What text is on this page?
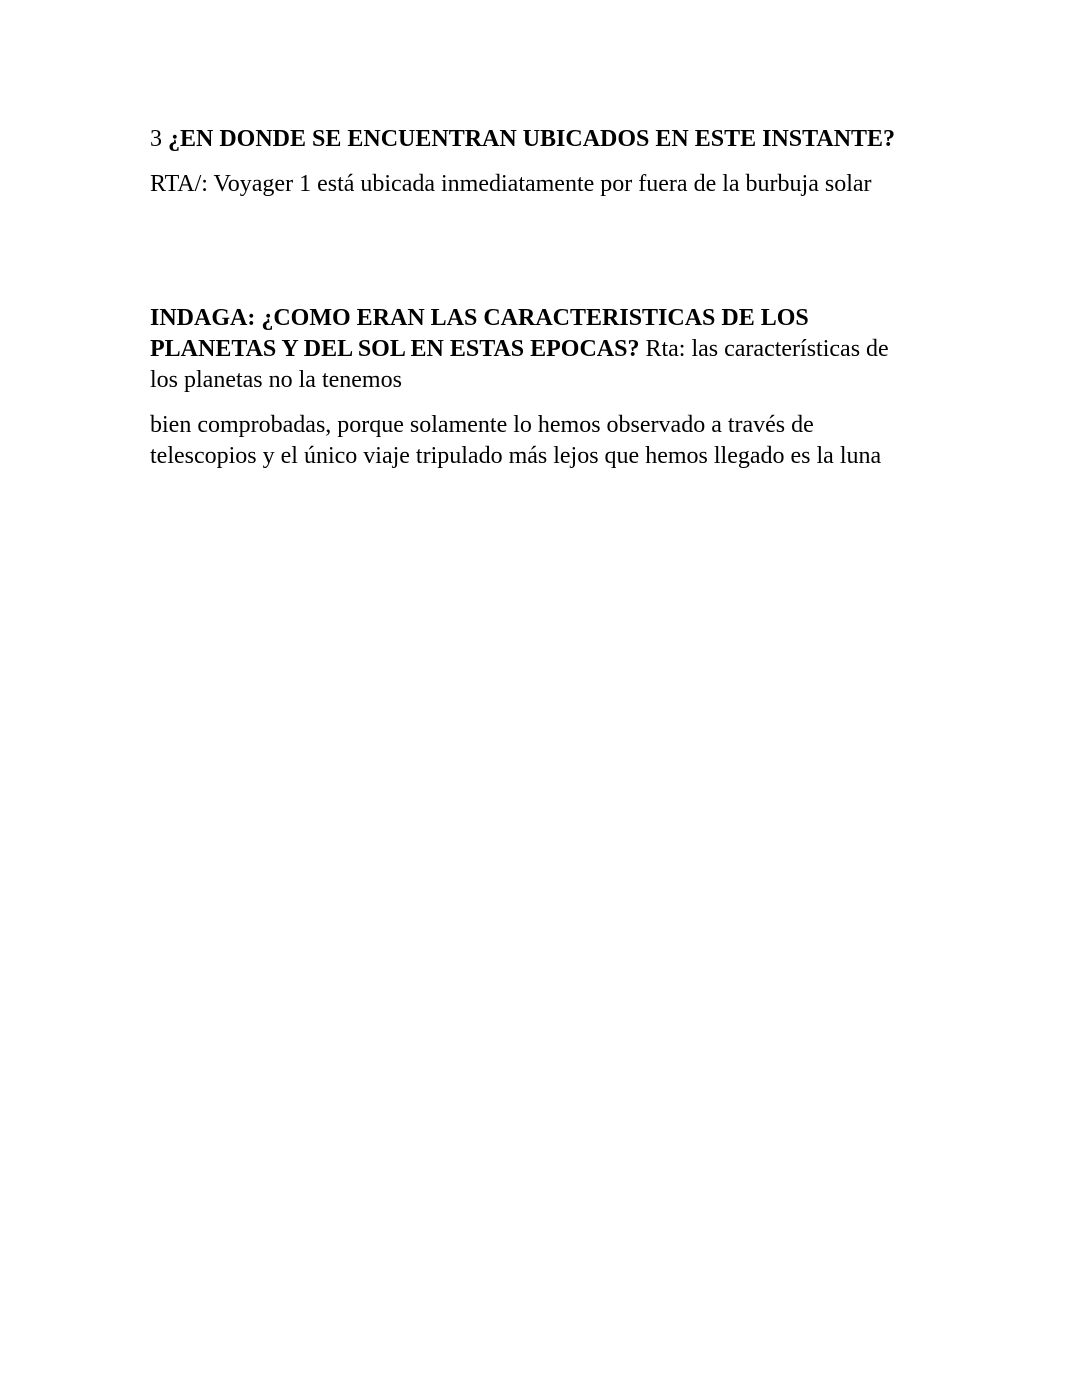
3 ¿EN DONDE SE ENCUENTRAN UBICADOS EN ESTE INSTANTE?

RTA/: Voyager 1 está ubicada inmediatamente por fuera de la burbuja solar

INDAGA: ¿COMO ERAN LAS CARACTERISTICAS DE LOS

PLANETAS Y DEL SOL EN ESTAS EPOCAS? Rta: las características de

los planetas no la tenemos

bien comprobadas, porque solamente lo hemos observado a través de

telescopios y el único viaje tripulado más lejos que hemos llegado es la luna
